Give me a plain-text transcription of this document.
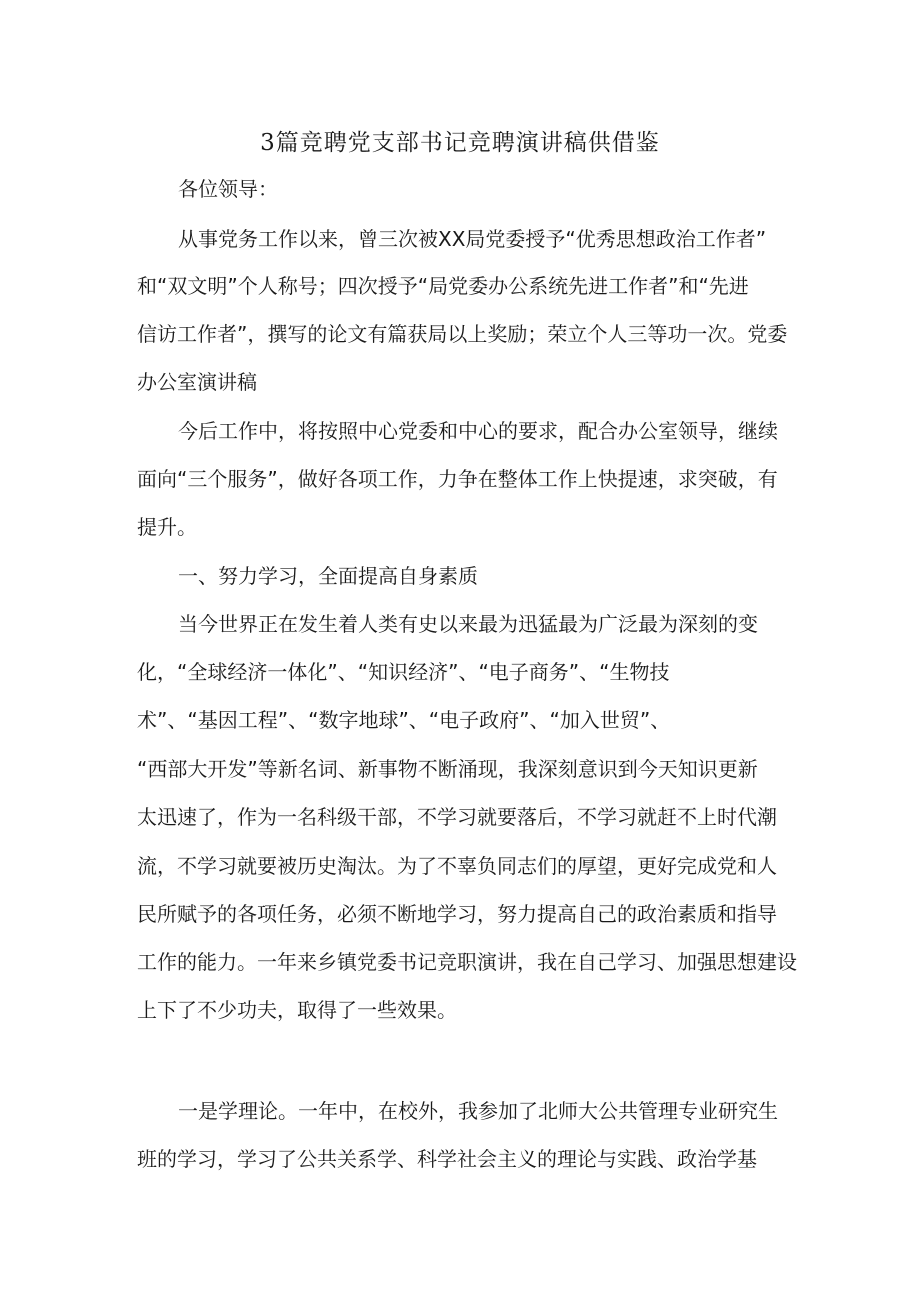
3篇竞聘党支部书记竞聘演讲稿供借鉴

各位领导：

从事党务工作以来，曾三次被XX局党委授予“优秀思想政治工作者”

和“双文明”个人称号；四次授予“局党委办公系统先进工作者”和“先进

信访工作者”，撰写的论文有篇获局以上奖励；荣立个人三等功一次。党委

办公室演讲稿

今后工作中，将按照中心党委和中心的要求，配合办公室领导，继续

面向“三个服务”，做好各项工作，力争在整体工作上快提速，求突破，有

提升。

一、努力学习，全面提高自身素质

当今世界正在发生着人类有史以来最为迅猛最为广泛最为深刻的变

化，“全球经济一体化”、“知识经济”、“电子商务”、“生物技

术”、“基因工程”、“数字地球”、“电子政府”、“加入世贸”、

“西部大开发”等新名词、新事物不断涌现，我深刻意识到今天知识更新

太迅速了，作为一名科级干部，不学习就要落后，不学习就赶不上时代潮

流，不学习就要被历史淘汰。为了不辜负同志们的厚望，更好完成党和人

民所赋予的各项任务，必须不断地学习，努力提高自己的政治素质和指导

工作的能力。一年来乡镇党委书记竞职演讲，我在自己学习、加强思想建设

上下了不少功夫，取得了一些效果。

一是学理论。一年中，在校外，我参加了北师大公共管理专业研究生

班的学习，学习了公共关系学、科学社会主义的理论与实践、政治学基
